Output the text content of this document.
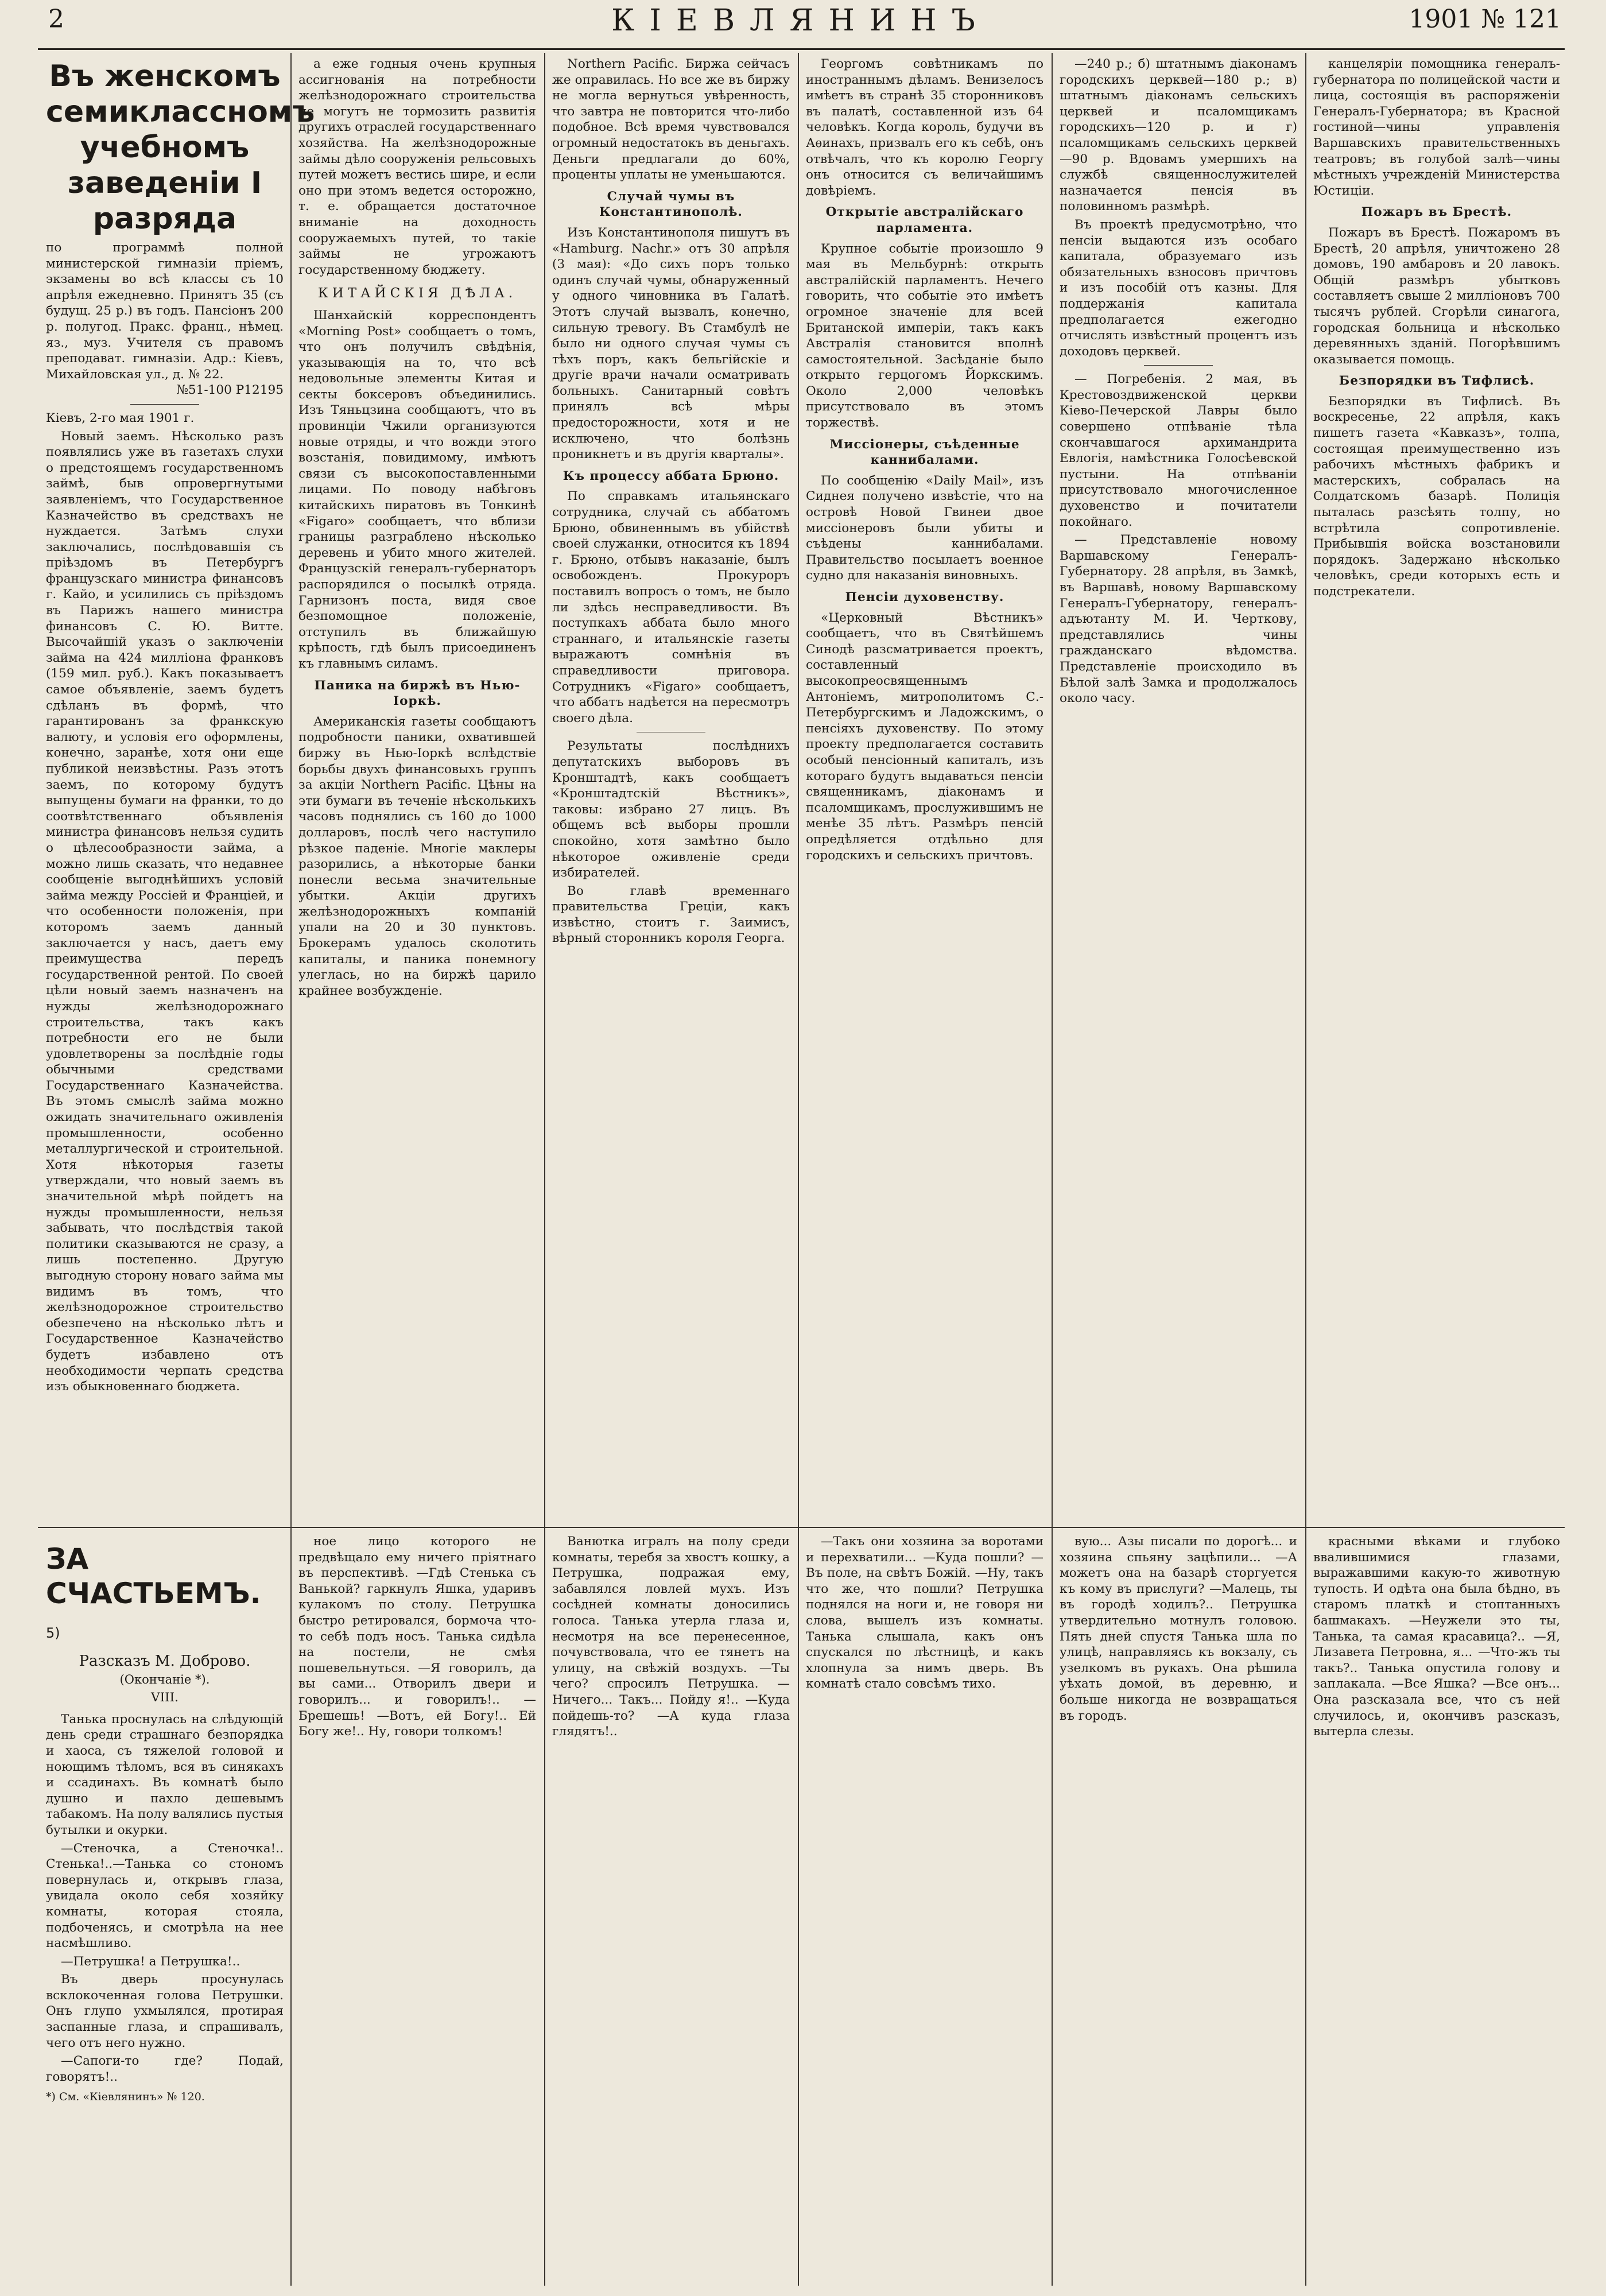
2	КІЕВЛЯНИНЪ	1901 № 121
Въ женскомъ семиклассномъ учебномъ заведеніи I разряда
по программѣ полной министерской гимназіи пріемъ, экзамены во всѣ классы съ 10 апрѣля ежедневно. Принятъ 35 (съ будущ. 25 р.) въ годъ. Пансіонъ 200 р. полугод. Пракс. франц., нѣмец. яз., муз. Учителя съ правомъ преподават. гимназіи. Адр.: Кіевъ, Михайловская ул., д. № 22.
№51-100 Р12195

Кіевъ, 2-го мая 1901 г.

Новый заемъ. Нѣсколько разъ появлялись уже въ газетахъ слухи о предстоящемъ государственномъ займѣ, быв опровергнутыми заявленіемъ, что Государственное Казначейство въ средствахъ не нуждается. Затѣмъ слухи заключались, послѣдовавшія съ пріѣздомъ въ Петербургъ французскаго министра финансовъ г. Кайо, и усилились съ пріѣздомъ въ Парижъ нашего министра финансовъ С. Ю. Витте. Высочайшій указъ о заключеніи займа на 424 милліона франковъ (159 мил. руб.). Какъ показываетъ самое объявленіе, заемъ будетъ сдѣланъ въ формѣ, что гарантированъ за франкскую валюту, и условія его оформлены, конечно, заранѣе, хотя они еще публикой неизвѣстны. Разъ этотъ заемъ, по которому будутъ выпущены бумаги на франки, то до соотвѣтственнаго объявленія министра финансовъ нельзя судить о цѣлесообразности займа, а можно лишь сказать, что недавнее сообщеніе выгоднѣйшихъ условій займа между Россіей и Франціей, и что особенности положенія, при которомъ заемъ данный заключается у насъ, даетъ ему преимущества передъ государственной рентой. По своей цѣли новый заемъ назначенъ на нужды желѣзнодорожнаго строительства, такъ какъ потребности его не были удовлетворены за послѣдніе годы обычными средствами Государственнаго Казначейства. Въ этомъ смыслѣ займа можно ожидать значительнаго оживленія промышленности, особенно металлургической и строительной. Хотя нѣкоторыя газеты утверждали, что новый заемъ въ значительной мѣрѣ пойдетъ на нужды промышленности, нельзя забывать, что послѣдствія такой политики сказываются не сразу, а лишь постепенно. Другую выгодную сторону новаго займа мы видимъ въ томъ, что желѣзнодорожное строительство обезпечено на нѣсколько лѣтъ и Государственное Казначейство будетъ избавлено отъ необходимости черпать средства изъ обыкновеннаго бюджета.

а еже годныя очень крупныя ассигнованія на потребности желѣзнодорожнаго строительства не могутъ не тормозить развитія другихъ отраслей государственнаго хозяйства. На желѣзнодорожные займы дѣло сооруженія рельсовыхъ путей можетъ вестись шире, и если оно при этомъ ведется осторожно, т. е. обращается достаточное вниманіе на доходность сооружаемыхъ путей, то такіе займы не угрожаютъ государственному бюджету.

КИТАЙСКІЯ ДѢЛА.

Шанхайскій корреспондентъ «Morning Post» сообщаетъ о томъ, что онъ получилъ свѣдѣнія, указывающія на то, что всѣ недовольные элементы Китая и секты боксеровъ объединились. Изъ Тяньцзина сообщаютъ, что въ провинціи Чжили организуются новые отряды, и что вожди этого возстанія, повидимому, имѣютъ связи съ высокопоставленными лицами. По поводу набѣговъ китайскихъ пиратовъ въ Тонкинѣ «Figaro» сообщаетъ, что вблизи границы разграблено нѣсколько деревень и убито много жителей. Французскій генералъ-губернаторъ распорядился о посылкѣ отряда. Гарнизонъ поста, видя свое безпомощное положеніе, отступилъ въ ближайшую крѣпость, гдѣ былъ присоединенъ къ главнымъ силамъ.

Паника на биржѣ въ Нью-Іоркѣ.

Американскія газеты сообщаютъ подробности паники, охватившей биржу въ Нью-Іоркѣ вслѣдствіе борьбы двухъ финансовыхъ группъ за акціи Northern Pacific. Цѣны на эти бумаги въ теченіе нѣсколькихъ часовъ поднялись съ 160 до 1000 долларовъ, послѣ чего наступило рѣзкое паденіе. Многіе маклеры разорились, а нѣкоторые банки понесли весьма значительные убытки. Акціи другихъ желѣзнодорожныхъ компаній упали на 20 и 30 пунктовъ. Брокерамъ удалось сколотить капиталы, и паника понемногу улеглась, но на биржѣ царило крайнее возбужденіе.

Northern Pacific. Биржа сейчасъ же оправилась. Но все же въ биржу не могла вернуться увѣренность, что завтра не повторится что-либо подобное. Всѣ время чувствовался огромный недостатокъ въ деньгахъ. Деньги предлагали до 60%, проценты уплаты не уменьшаются.

Случай чумы въ Константинополѣ.

Изъ Константинополя пишутъ въ «Hamburg. Nachr.» отъ 30 апрѣля (3 мая): «До сихъ поръ только одинъ случай чумы, обнаруженный у одного чиновника въ Галатѣ. Этотъ случай вызвалъ, конечно, сильную тревогу. Въ Стамбулѣ не было ни одного случая чумы съ тѣхъ поръ, какъ бельгійскіе и другіе врачи начали осматривать больныхъ. Санитарный совѣтъ принялъ всѣ мѣры предосторожности, хотя и не исключено, что болѣзнь проникнетъ и въ другія кварталы».

Къ процессу аббата Брюно.

По справкамъ итальянскаго сотрудника, случай съ аббатомъ Брюно, обвиненнымъ въ убійствѣ своей служанки, относится къ 1894 г. Брюно, отбывъ наказаніе, былъ освобожденъ. Прокуроръ поставилъ вопросъ о томъ, не было ли здѣсь несправедливости. Въ поступкахъ аббата было много страннаго, и итальянскіе газеты выражаютъ сомнѣнія въ справедливости приговора. Сотрудникъ «Figaro» сообщаетъ, что аббатъ надѣется на пересмотръ своего дѣла.

Результаты послѣднихъ депутатскихъ выборовъ въ Кронштадтѣ, какъ сообщаетъ «Кронштадтскій Вѣстникъ», таковы: избрано 27 лицъ. Въ общемъ всѣ выборы прошли спокойно, хотя замѣтно было нѣкоторое оживленіе среди избирателей.

Во главѣ временнаго правительства Греціи, какъ извѣстно, стоитъ г. Заимисъ, вѣрный сторонникъ короля Георга.

Георгомъ совѣтникамъ по иностраннымъ дѣламъ. Венизелосъ имѣетъ въ странѣ 35 сторонниковъ въ палатѣ, составленной изъ 64 человѣкъ. Когда король, будучи въ Аѳинахъ, призвалъ его къ себѣ, онъ отвѣчалъ, что къ королю Георгу онъ относится съ величайшимъ довѣріемъ.

Открытіе австралійскаго парламента.

Крупное событіе произошло 9 мая въ Мельбурнѣ: открыть австралійскій парламентъ. Нечего говорить, что событіе это имѣетъ огромное значеніе для всей Британской имперіи, такъ какъ Австралія становится вполнѣ самостоятельной. Засѣданіе было открыто герцогомъ Йоркскимъ. Около 2,000 человѣкъ присутствовало въ этомъ торжествѣ.

Миссіонеры, съѣденные каннибалами.

По сообщенію «Daily Mail», изъ Сиднея получено извѣстіе, что на островѣ Новой Гвинеи двое миссіонеровъ были убиты и съѣдены каннибалами. Правительство посылаетъ военное судно для наказанія виновныхъ.

Пенсіи духовенству.

«Церковный Вѣстникъ» сообщаетъ, что въ Святѣйшемъ Синодѣ разсматривается проектъ, составленный высокопреосвященнымъ Антоніемъ, митрополитомъ С.-Петербургскимъ и Ладожскимъ, о пенсіяхъ духовенству. По этому проекту предполагается составить особый пенсіонный капиталъ, изъ котораго будутъ выдаваться пенсіи священникамъ, діаконамъ и псаломщикамъ, прослужившимъ не менѣе 35 лѣтъ. Размѣръ пенсій опредѣляется отдѣльно для городскихъ и сельскихъ причтовъ.

—240 р.; б) штатнымъ діаконамъ городскихъ церквей—180 р.; в) штатнымъ діаконамъ сельскихъ церквей и псаломщикамъ городскихъ—120 р. и г) псаломщикамъ сельскихъ церквей—90 р. Вдовамъ умершихъ на службѣ священнослужителей назначается пенсія въ половинномъ размѣрѣ.

Въ проектѣ предусмотрѣно, что пенсіи выдаются изъ особаго капитала, образуемаго изъ обязательныхъ взносовъ причтовъ и изъ пособій отъ казны. Для поддержанія капитала предполагается ежегодно отчислять извѣстный процентъ изъ доходовъ церквей.

— Погребенія. 2 мая, въ Крестовоздвиженской церкви Кіево-Печерской Лавры было совершено отпѣваніе тѣла скончавшагося архимандрита Евлогія, намѣстника Голосѣевской пустыни. На отпѣваніи присутствовало многочисленное духовенство и почитатели покойнаго.

— Представленіе новому Варшавскому Генералъ-Губернатору. 28 апрѣля, въ Замкѣ, въ Варшавѣ, новому Варшавскому Генералъ-Губернатору, генералъ-адъютанту М. И. Черткову, представлялись чины гражданскаго вѣдомства. Представленіе происходило въ Бѣлой залѣ Замка и продолжалось около часу.

канцеляріи помощника генералъ-губернатора по полицейской части и лица, состоящія въ распоряженіи Генералъ-Губернатора; въ Красной гостиной—чины управленія Варшавскихъ правительственныхъ театровъ; въ голубой залѣ—чины мѣстныхъ учрежденій Министерства Юстиціи.

Пожаръ въ Брестѣ.

Пожаръ въ Брестѣ. Пожаромъ въ Брестѣ, 20 апрѣля, уничтожено 28 домовъ, 190 амбаровъ и 20 лавокъ. Общій размѣръ убытковъ составляетъ свыше 2 милліоновъ 700 тысячъ рублей. Сгорѣли синагога, городская больница и нѣсколько деревянныхъ зданій. Погорѣвшимъ оказывается помощь.

Безпорядки въ Тифлисѣ.

Безпорядки въ Тифлисѣ. Въ воскресенье, 22 апрѣля, какъ пишетъ газета «Кавказъ», толпа, состоящая преимущественно изъ рабочихъ мѣстныхъ фабрикъ и мастерскихъ, собралась на Солдатскомъ базарѣ. Полиція пыталась разсѣять толпу, но встрѣтила сопротивленіе. Прибывшія войска возстановили порядокъ. Задержано нѣсколько человѣкъ, среди которыхъ есть и подстрекатели.

ЗА СЧАСТЬЕМЪ. 5)
Разсказъ М. Доброво.
(Окончаніе *).
VIII.

Танька проснулась на слѣдующій день среди страшнаго безпорядка и хаоса, съ тяжелой головой и ноющимъ тѣломъ, вся въ синякахъ и ссадинахъ. Въ комнатѣ было душно и пахло дешевымъ табакомъ. На полу валялись пустыя бутылки и окурки.

—Стеночка, а Стеночка!.. Стенька!..—Танька со стономъ повернулась и, открывъ глаза, увидала около себя хозяйку комнаты, которая стояла, подбоченясь, и смотрѣла на нее насмѣшливо.

—Петрушка! а Петрушка!..

Въ дверь просунулась всклокоченная голова Петрушки. Онъ глупо ухмылялся, протирая заспанные глаза, и спрашивалъ, чего отъ него нужно.

—Сапоги-то где? Подай, говорятъ!..

*) См. «Кіевлянинъ» № 120.

ное лицо которого не предвѣщало ему ничего пріятнаго въ перспективѣ. —Гдѣ Стенька съ Ванькой? гаркнулъ Яшка, ударивъ кулакомъ по столу. Петрушка быстро ретировался, бормоча что-то себѣ подъ носъ. Танька сидѣла на постели, не смѣя пошевельнуться. —Я говорилъ, да вы сами... Отворилъ двери и говорилъ... и говорилъ!.. —Брешешь! —Вотъ, ей Богу!.. Ей Богу же!.. Ну, говори толкомъ!

Ванютка игралъ на полу среди комнаты, теребя за хвостъ кошку, а Петрушка, подражая ему, забавлялся ловлей мухъ. Изъ сосѣдней комнаты доносились голоса. Танька утерла глаза и, несмотря на все перенесенное, почувствовала, что ее тянетъ на улицу, на свѣжій воздухъ. —Ты чего? спросилъ Петрушка. —Ничего... Такъ... Пойду я!.. —Куда пойдешь-то? —А куда глаза глядятъ!..

—Такъ они хозяина за воротами и перехватили... —Куда пошли? —Въ поле, на свѣтъ Божій. —Ну, такъ что же, что пошли? Петрушка поднялся на ноги и, не говоря ни слова, вышелъ изъ комнаты. Танька слышала, какъ онъ спускался по лѣстницѣ, и какъ хлопнула за нимъ дверь. Въ комнатѣ стало совсѣмъ тихо.

вую... Азы писали по дорогѣ... и хозяина спьяну зацѣпили... —А можетъ она на базарѣ сторгуется къ кому въ прислуги? —Малець, ты въ городѣ ходилъ?.. Петрушка утвердительно мотнулъ головою. Пять дней спустя Танька шла по улицѣ, направляясь къ вокзалу, съ узелкомъ въ рукахъ. Она рѣшила уѣхать домой, въ деревню, и больше никогда не возвращаться въ городъ.

красными вѣками и глубоко ввалившимися глазами, выражавшими какую-то животную тупость. И одѣта она была бѣдно, въ старомъ платкѣ и стоптанныхъ башмакахъ. —Неужели это ты, Танька, та самая красавица?.. —Я, Лизавета Петровна, я... —Что-жъ ты такъ?.. Танька опустила голову и заплакала. —Все Яшка? —Все онъ... Она разсказала все, что съ ней случилось, и, окончивъ разсказъ, вытерла слезы.
